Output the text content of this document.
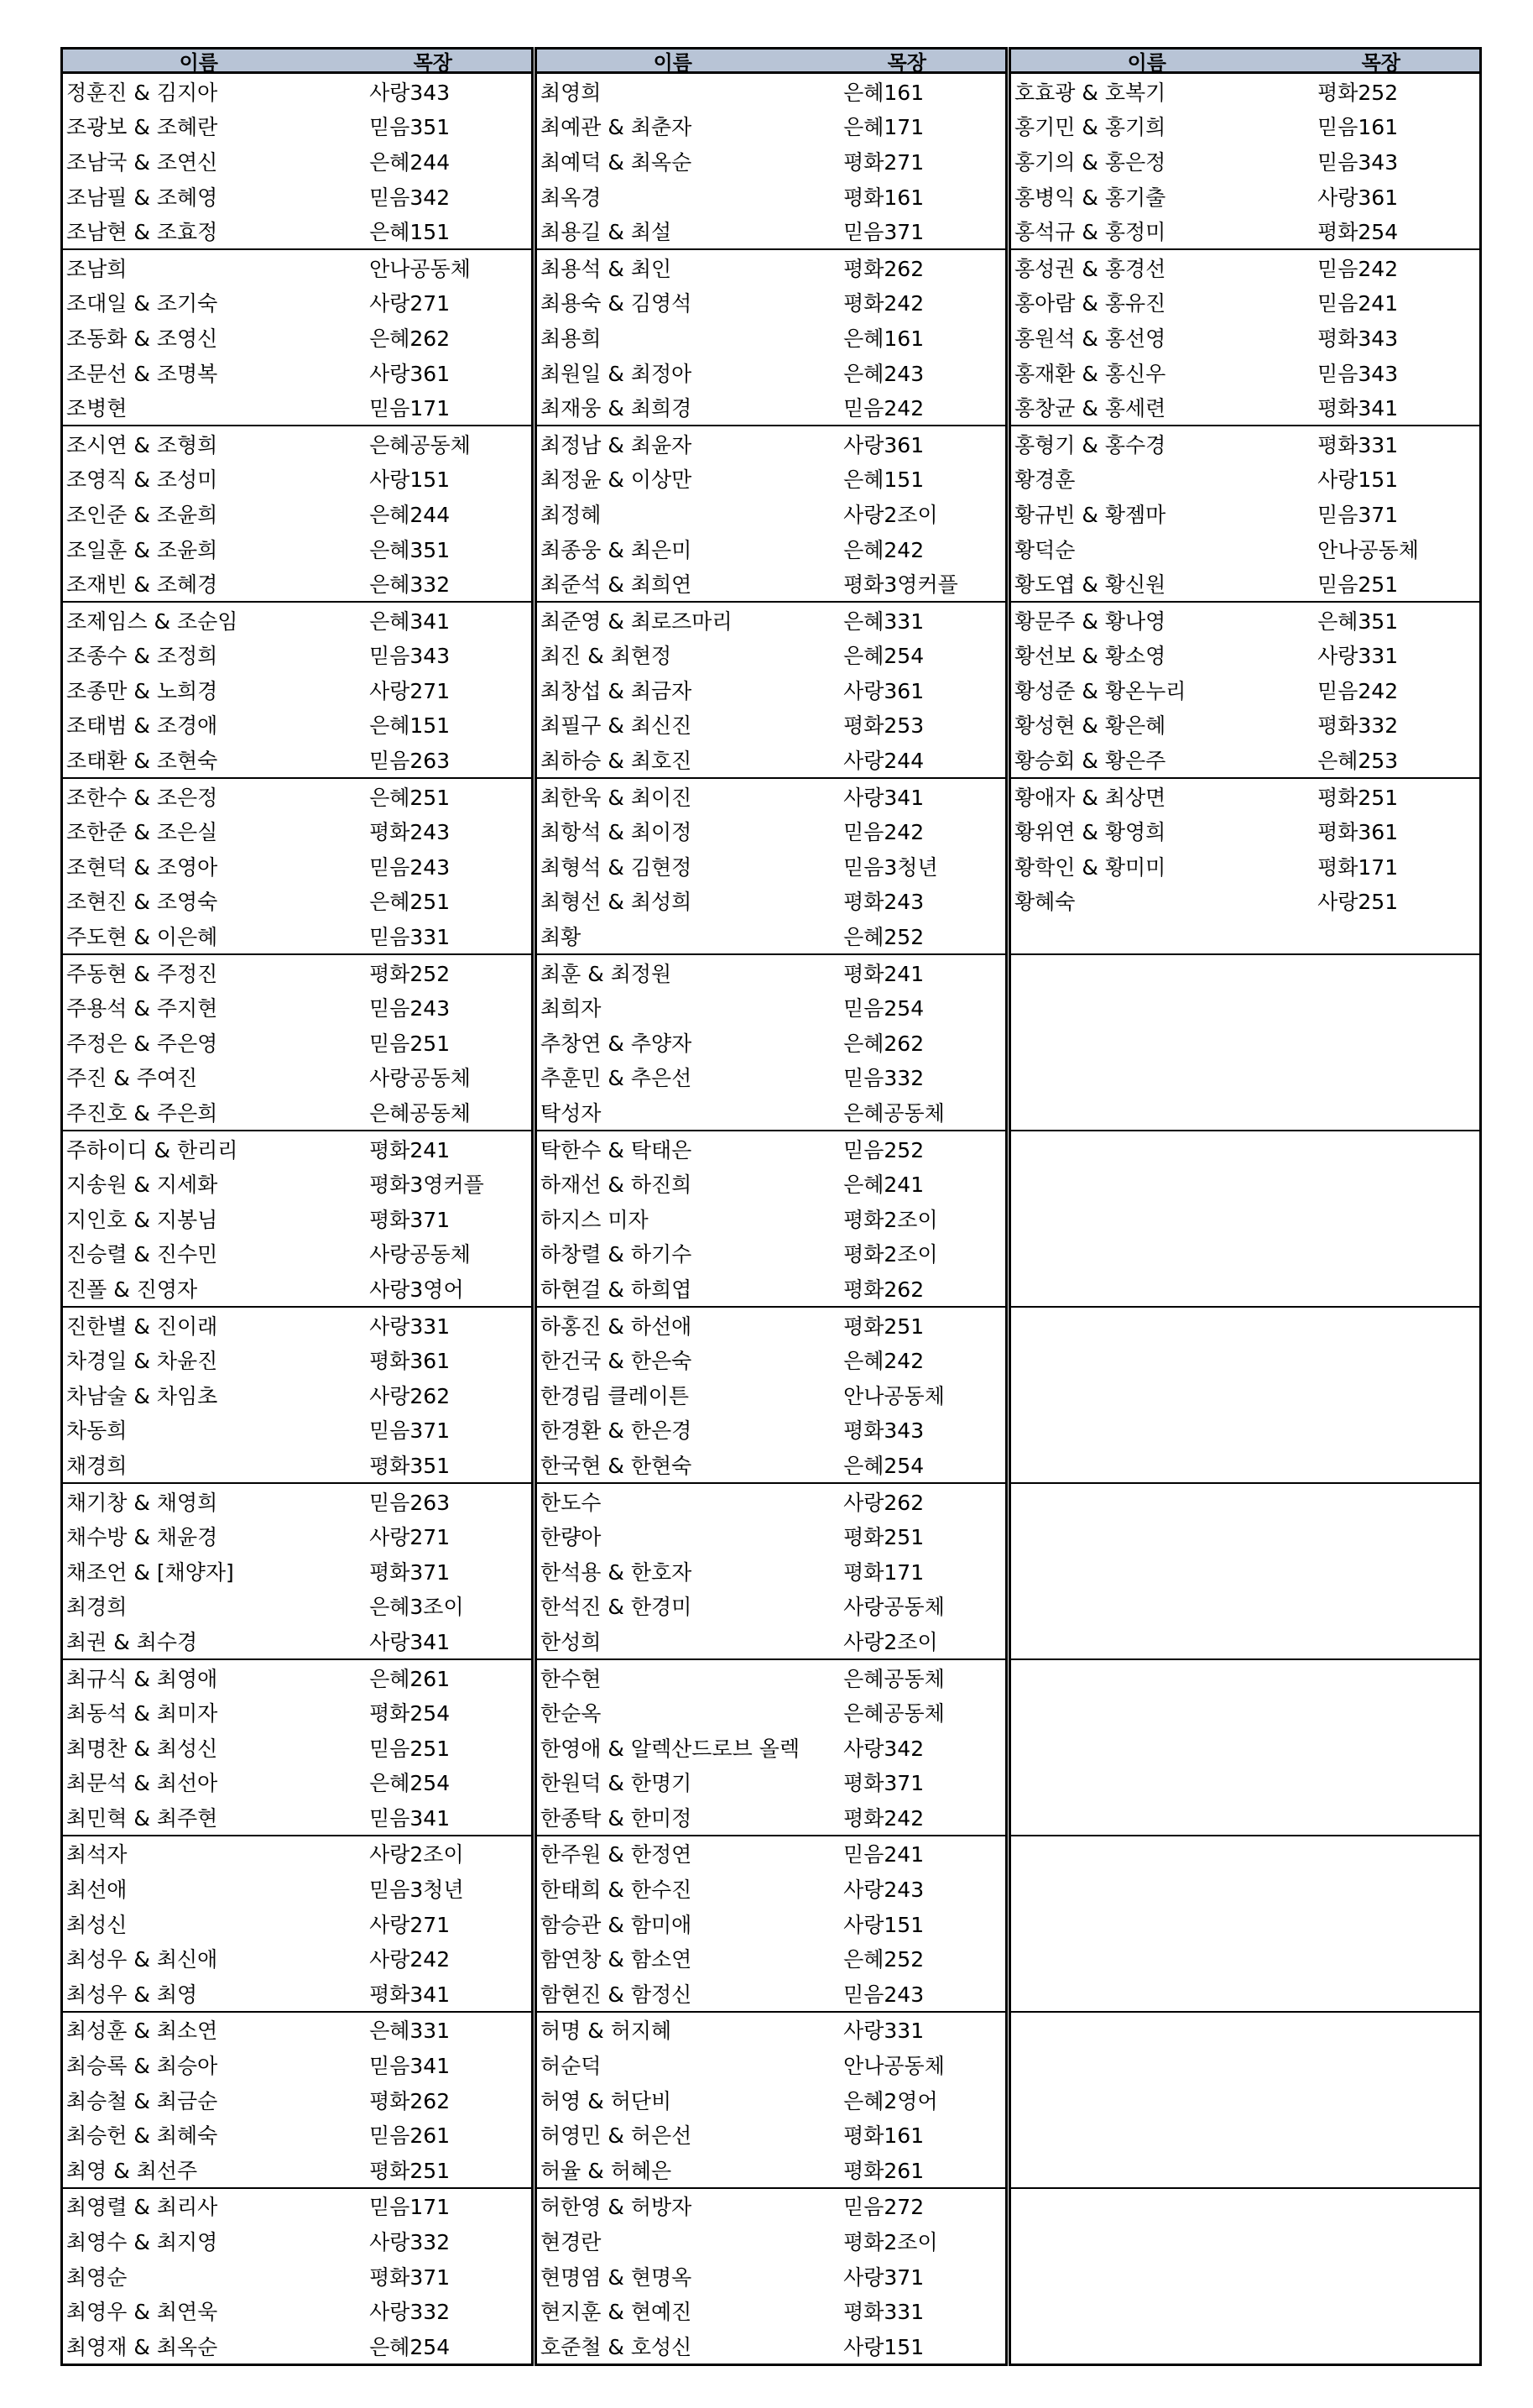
이름	목장
정훈진 & 김지아	사랑343
조광보 & 조혜란	믿음351
조남국 & 조연신	은혜244
조남필 & 조혜영	믿음342
조남현 & 조효정	은혜151
조남희	안나공동체
조대일 & 조기숙	사랑271
조동화 & 조영신	은혜262
조문선 & 조명복	사랑361
조병현	믿음171
조시연 & 조형희	은혜공동체
조영직 & 조성미	사랑151
조인준 & 조윤희	은혜244
조일훈 & 조윤희	은혜351
조재빈 & 조혜경	은혜332
조제임스 & 조순임	은혜341
조종수 & 조정희	믿음343
조종만 & 노희경	사랑271
조태범 & 조경애	은혜151
조태환 & 조현숙	믿음263
조한수 & 조은정	은혜251
조한준 & 조은실	평화243
조현덕 & 조영아	믿음243
조현진 & 조영숙	은혜251
주도현 & 이은혜	믿음331
주동현 & 주정진	평화252
주용석 & 주지현	믿음243
주정은 & 주은영	믿음251
주진 & 주여진	사랑공동체
주진호 & 주은희	은혜공동체
주하이디 & 한리리	평화241
지송원 & 지세화	평화3영커플
지인호 & 지봉님	평화371
진승렬 & 진수민	사랑공동체
진폴 & 진영자	사랑3영어
진한별 & 진이래	사랑331
차경일 & 차윤진	평화361
차남술 & 차임초	사랑262
차동희	믿음371
채경희	평화351
채기창 & 채영희	믿음263
채수방 & 채윤경	사랑271
채조언 & [채양자]	평화371
최경희	은혜3조이
최권 & 최수경	사랑341
최규식 & 최영애	은혜261
최동석 & 최미자	평화254
최명찬 & 최성신	믿음251
최문석 & 최선아	은혜254
최민혁 & 최주현	믿음341
최석자	사랑2조이
최선애	믿음3청년
최성신	사랑271
최성우 & 최신애	사랑242
최성우 & 최영	평화341
최성훈 & 최소연	은혜331
최승록 & 최승아	믿음341
최승철 & 최금순	평화262
최승헌 & 최혜숙	믿음261
최영 & 최선주	평화251
최영렬 & 최리사	믿음171
최영수 & 최지영	사랑332
최영순	평화371
최영우 & 최연욱	사랑332
최영재 & 최옥순	은혜254
이름	목장
최영희	은혜161
최예관 & 최춘자	은혜171
최예덕 & 최옥순	평화271
최옥경	평화161
최용길 & 최설	믿음371
최용석 & 최인	평화262
최용숙 & 김영석	평화242
최용희	은혜161
최원일 & 최정아	은혜243
최재웅 & 최희경	믿음242
최정남 & 최윤자	사랑361
최정윤 & 이상만	은혜151
최정혜	사랑2조이
최종웅 & 최은미	은혜242
최준석 & 최희연	평화3영커플
최준영 & 최로즈마리	은혜331
최진 & 최현정	은혜254
최창섭 & 최금자	사랑361
최필구 & 최신진	평화253
최하승 & 최호진	사랑244
최한욱 & 최이진	사랑341
최항석 & 최이정	믿음242
최형석 & 김현정	믿음3청년
최형선 & 최성희	평화243
최황	은혜252
최훈 & 최정원	평화241
최희자	믿음254
추창연 & 추양자	은혜262
추훈민 & 추은선	믿음332
탁성자	은혜공동체
탁한수 & 탁태은	믿음252
하재선 & 하진희	은혜241
하지스 미자	평화2조이
하창렬 & 하기수	평화2조이
하현걸 & 하희엽	평화262
하홍진 & 하선애	평화251
한건국 & 한은숙	은혜242
한경림 클레이튼	안나공동체
한경환 & 한은경	평화343
한국현 & 한현숙	은혜254
한도수	사랑262
한량아	평화251
한석용 & 한호자	평화171
한석진 & 한경미	사랑공동체
한성희	사랑2조이
한수현	은혜공동체
한순옥	은혜공동체
한영애 & 알렉산드로브 올렉	사랑342
한원덕 & 한명기	평화371
한종탁 & 한미정	평화242
한주원 & 한정연	믿음241
한태희 & 한수진	사랑243
함승관 & 함미애	사랑151
함연창 & 함소연	은혜252
함현진 & 함정신	믿음243
허명 & 허지혜	사랑331
허순덕	안나공동체
허영 & 허단비	은혜2영어
허영민 & 허은선	평화161
허율 & 허혜은	평화261
허한영 & 허방자	믿음272
현경란	평화2조이
현명염 & 현명옥	사랑371
현지훈 & 현예진	평화331
호준철 & 호성신	사랑151
이름	목장
호효광 & 호복기	평화252
홍기민 & 홍기희	믿음161
홍기의 & 홍은정	믿음343
홍병익 & 홍기출	사랑361
홍석규 & 홍정미	평화254
홍성권 & 홍경선	믿음242
홍아람 & 홍유진	믿음241
홍원석 & 홍선영	평화343
홍재환 & 홍신우	믿음343
홍창균 & 홍세련	평화341
홍형기 & 홍수경	평화331
황경훈	사랑151
황규빈 & 황젬마	믿음371
황덕순	안나공동체
황도엽 & 황신원	믿음251
황문주 & 황나영	은혜351
황선보 & 황소영	사랑331
황성준 & 황온누리	믿음242
황성현 & 황은혜	평화332
황승회 & 황은주	은혜253
황애자 & 최상면	평화251
황위연 & 황영희	평화361
황학인 & 황미미	평화171
황혜숙	사랑251
